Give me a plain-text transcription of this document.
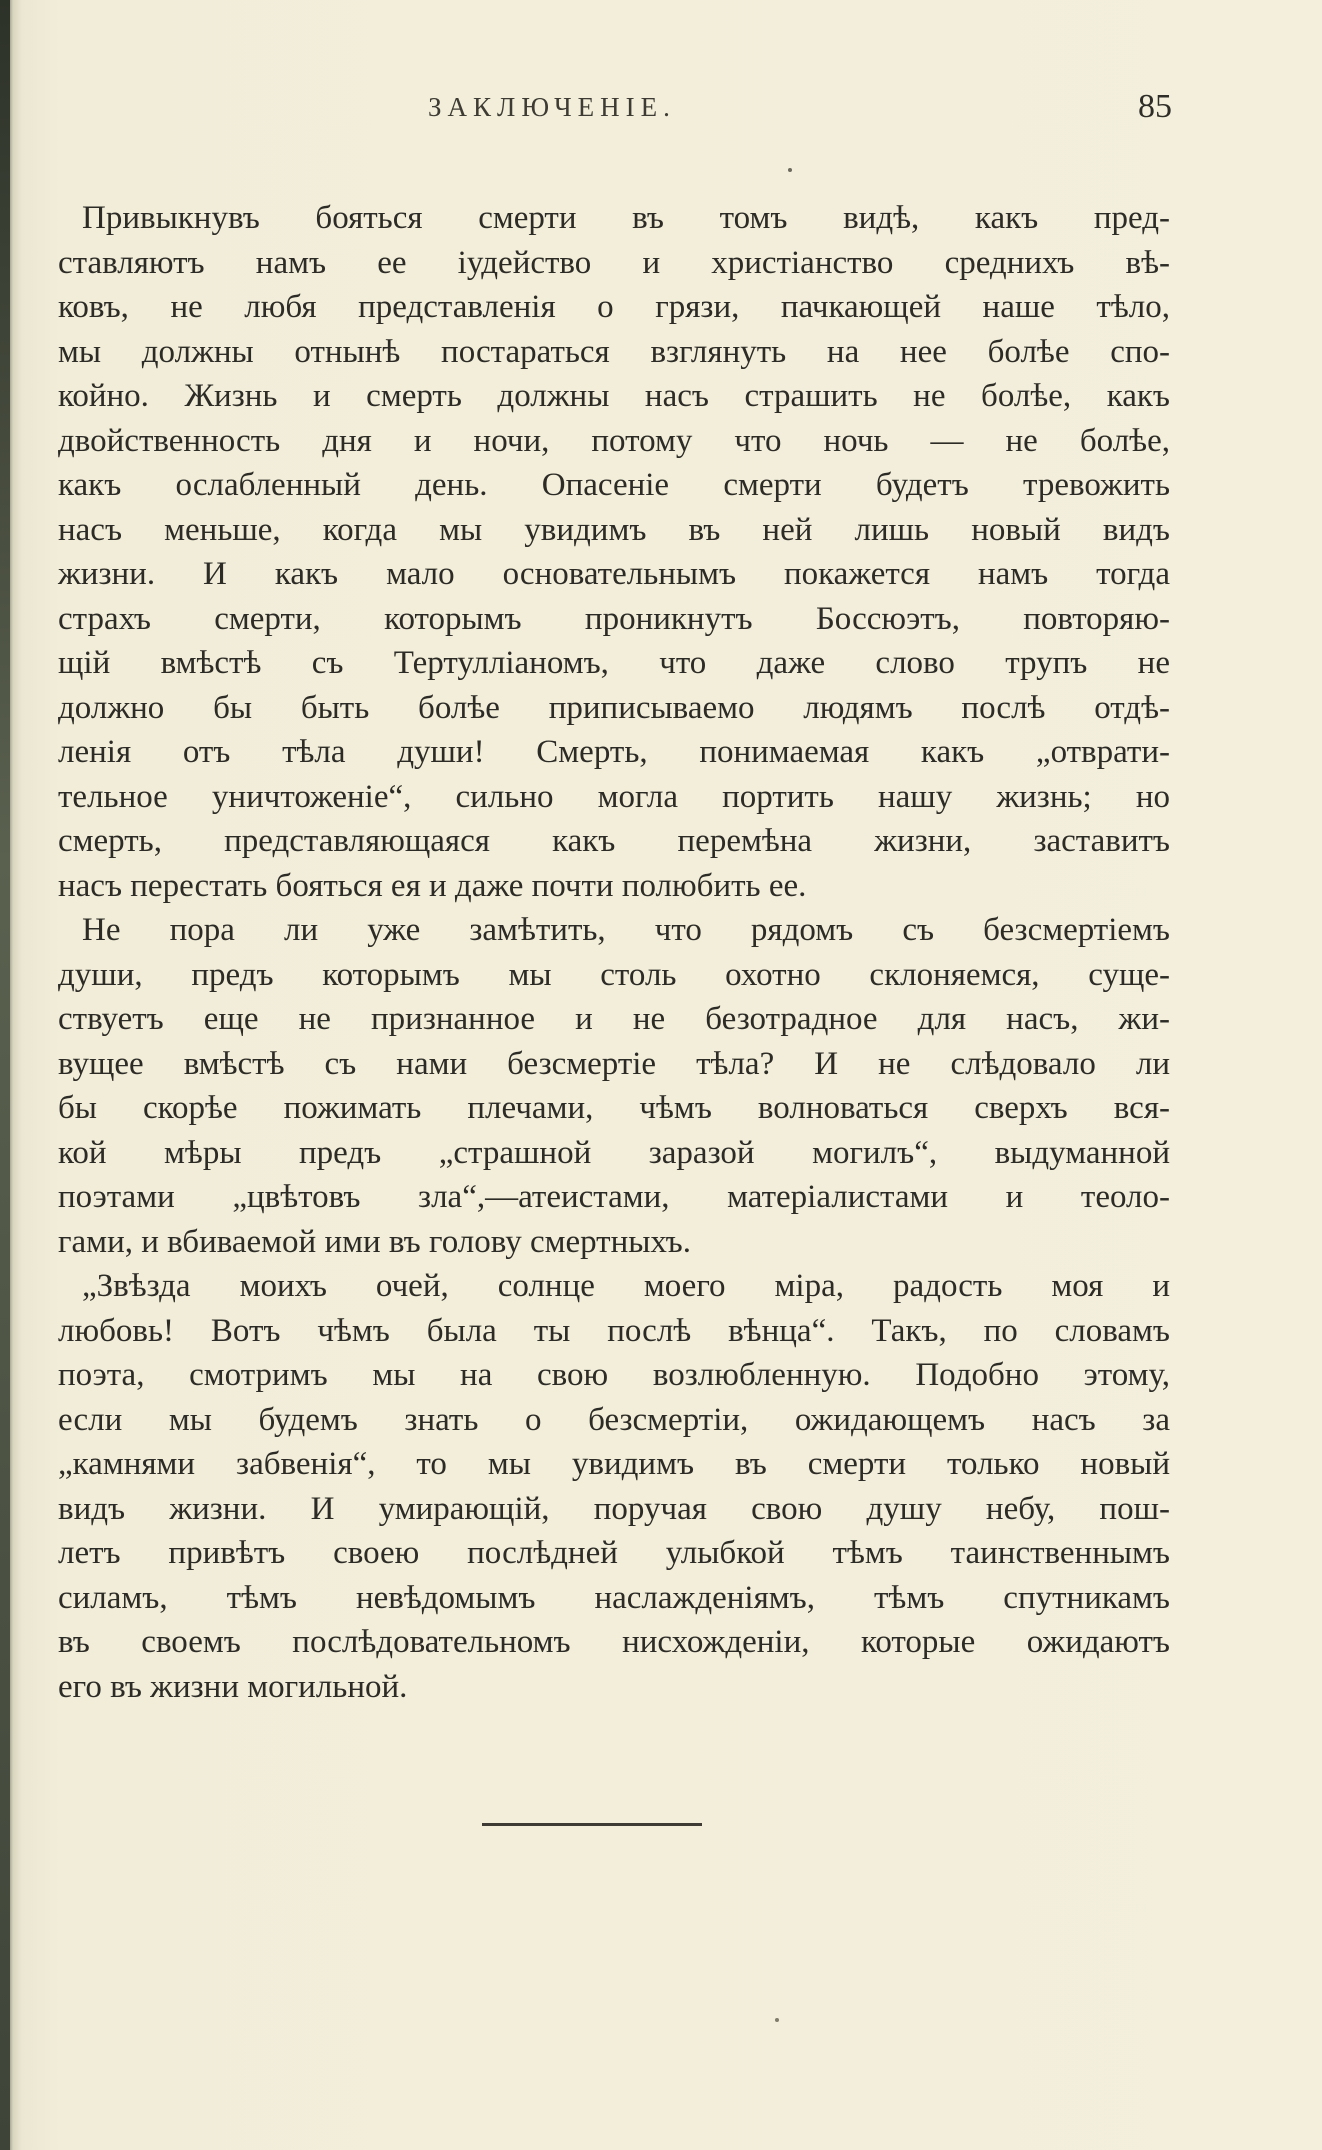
ЗАКЛЮЧЕНІЕ.	85
Привыкнувъ бояться смерти въ томъ видѣ, какъ пред-
ставляютъ намъ ее іудейство и христіанство среднихъ вѣ-
ковъ, не любя представленія о грязи, пачкающей наше тѣло,
мы должны отнынѣ постараться взглянуть на нее болѣе спо-
койно. Жизнь и смерть должны насъ страшить не болѣе, какъ
двойственность дня и ночи, потому что ночь — не болѣе,
какъ ослабленный день. Опасеніе смерти будетъ тревожить
насъ меньше, когда мы увидимъ въ ней лишь новый видъ
жизни. И какъ мало основательнымъ покажется намъ тогда
страхъ смерти, которымъ проникнутъ Боссюэтъ, повторяю-
щій вмѣстѣ съ Тертулліаномъ, что даже слово трупъ не
должно бы быть болѣе приписываемо людямъ послѣ отдѣ-
ленія отъ тѣла души! Смерть, понимаемая какъ „отврати-
тельное уничтоженіе“, сильно могла портить нашу жизнь; но
смерть, представляющаяся какъ перемѣна жизни, заставитъ
насъ перестать бояться ея и даже почти полюбить ее.
Не пора ли уже замѣтить, что рядомъ съ безсмертіемъ
души, предъ которымъ мы столь охотно склоняемся, суще-
ствуетъ еще не признанное и не безотрадное для насъ, жи-
вущее вмѣстѣ съ нами безсмертіе тѣла? И не слѣдовало ли
бы скорѣе пожимать плечами, чѣмъ волноваться сверхъ вся-
кой мѣры предъ „страшной заразой могилъ“, выдуманной
поэтами „цвѣтовъ зла“,—атеистами, матеріалистами и теоло-
гами, и вбиваемой ими въ голову смертныхъ.
„Звѣзда моихъ очей, солнце моего міра, радость моя и
любовь! Вотъ чѣмъ была ты послѣ вѣнца“. Такъ, по словамъ
поэта, смотримъ мы на свою возлюбленную. Подобно этому,
если мы будемъ знать о безсмертіи, ожидающемъ насъ за
„камнями забвенія“, то мы увидимъ въ смерти только новый
видъ жизни. И умирающій, поручая свою душу небу, пош-
летъ привѣтъ своею послѣдней улыбкой тѣмъ таинственнымъ
силамъ, тѣмъ невѣдомымъ наслажденіямъ, тѣмъ спутникамъ
въ своемъ послѣдовательномъ нисхожденіи, которые ожидаютъ
его въ жизни могильной.
